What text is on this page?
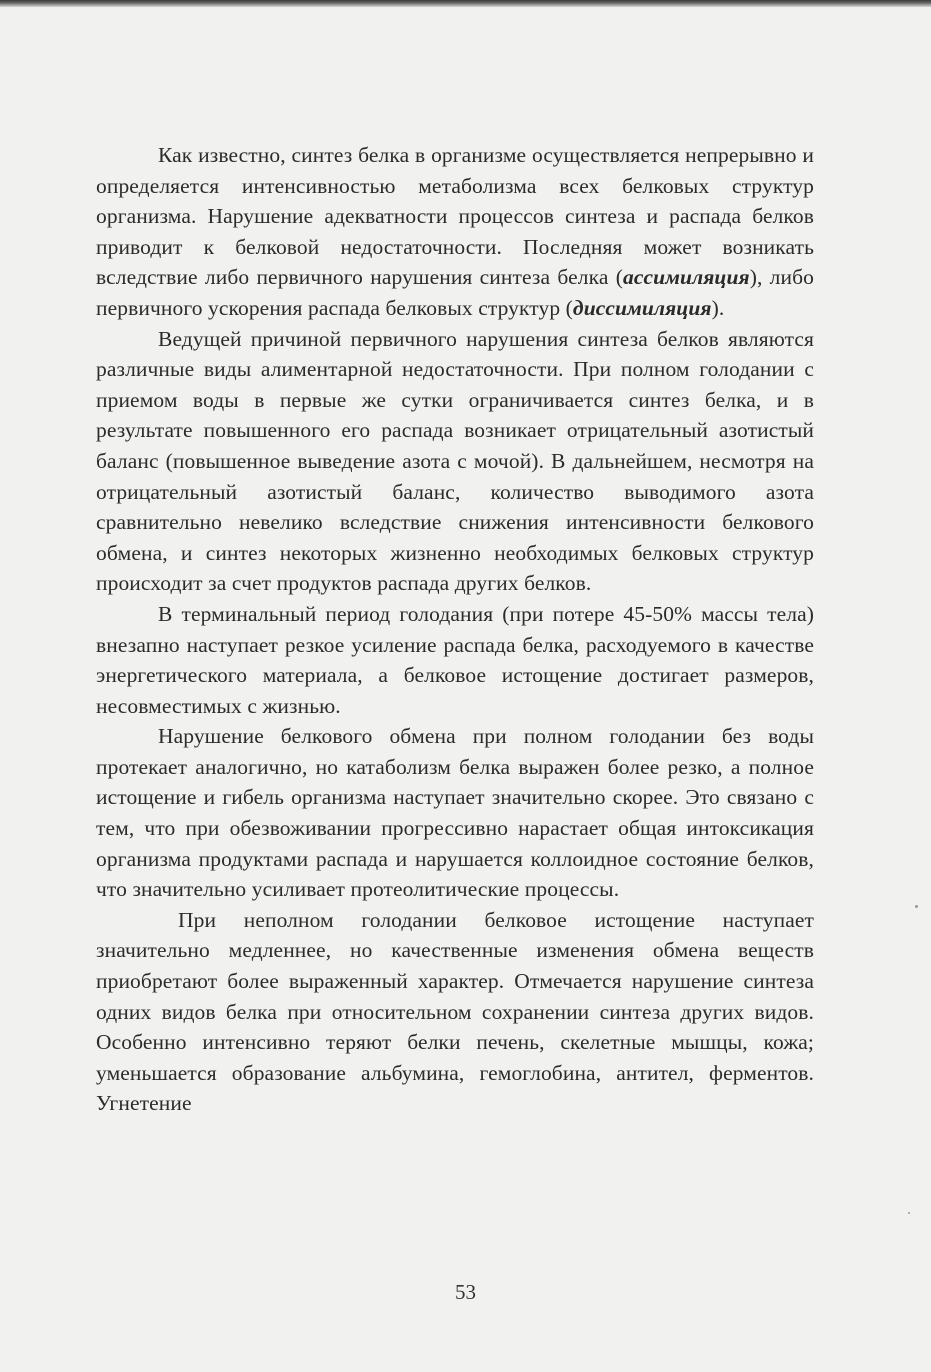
Как известно, синтез белка в организме осуществляется непрерывно и определяется интенсивностью метаболизма всех белковых структур организма. Нарушение адекватности процессов синтеза и распада белков приводит к белковой недостаточности. Последняя может возникать вследствие либо первичного нарушения синтеза белка (ассимиляция), либо первичного ускорения распада белковых структур (диссимиляция).

Ведущей причиной первичного нарушения синтеза белков являются различные виды алиментарной недостаточности. При полном голодании с приемом воды в первые же сутки ограничивается синтез белка, и в результате повышенного его распада возникает отрицательный азотистый баланс (повышенное выведение азота с мочой). В дальнейшем, несмотря на отрицательный азотистый баланс, количество выводимого азота сравнительно невелико вследствие снижения интенсивности белкового обмена, и синтез некоторых жизненно необходимых белковых структур происходит за счет продуктов распада других белков.

В терминальный период голодания (при потере 45-50% массы тела) внезапно наступает резкое усиление распада белка, расходуемого в качестве энергетического материала, а белковое истощение достигает размеров, несовместимых с жизнью.

Нарушение белкового обмена при полном голодании без воды протекает аналогично, но катаболизм белка выражен более резко, а полное истощение и гибель организма наступает значительно скорее. Это связано с тем, что при обезвоживании прогрессивно нарастает общая интоксикация организма продуктами распада и нарушается коллоидное состояние белков, что значительно усиливает протеолитические процессы.

При неполном голодании белковое истощение наступает значительно медленнее, но качественные изменения обмена веществ приобретают более выраженный характер. Отмечается нарушение синтеза одних видов белка при относительном сохранении синтеза других видов. Особенно интенсивно теряют белки печень, скелетные мышцы, кожа; уменьшается образование альбумина, гемоглобина, антител, ферментов. Угнетение

53
